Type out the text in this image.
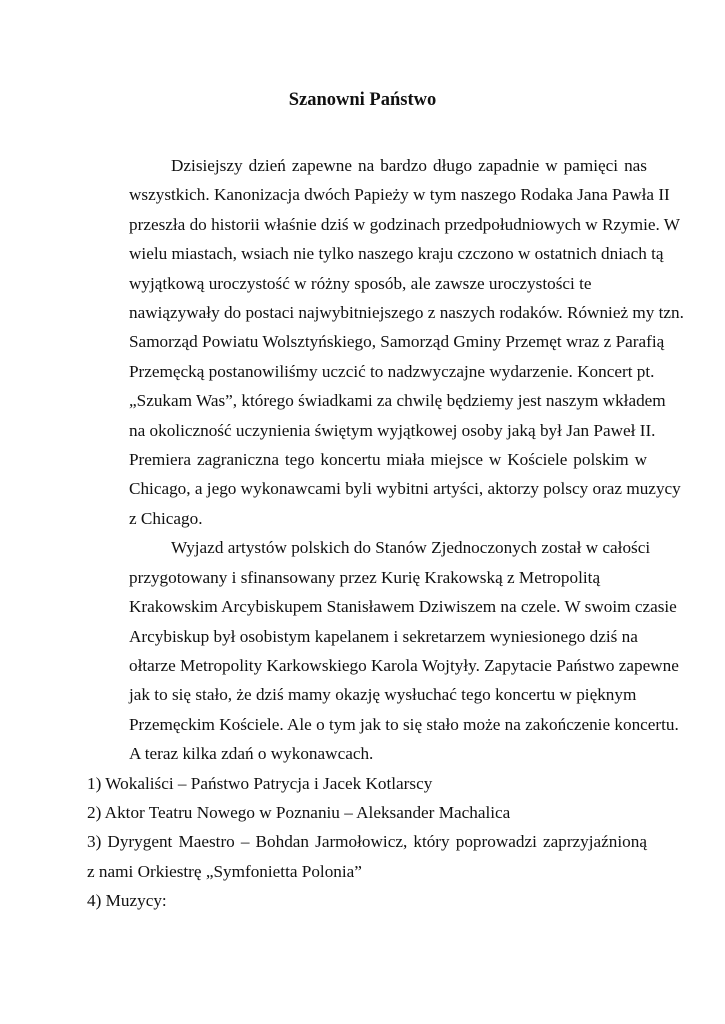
Szanowni Państwo
Dzisiejszy dzień zapewne na bardzo długo zapadnie w pamięci nas
wszystkich. Kanonizacja dwóch Papieży w tym naszego Rodaka Jana Pawła II
przeszła do historii właśnie dziś w godzinach przedpołudniowych w Rzymie. W
wielu miastach, wsiach nie tylko naszego kraju czczono w ostatnich dniach tą
wyjątkową uroczystość w różny sposób, ale zawsze uroczystości te
nawiązywały do postaci najwybitniejszego z naszych rodaków. Również my tzn.
Samorząd Powiatu Wolsztyńskiego, Samorząd Gminy Przemęt wraz z Parafią
Przemęcką postanowiliśmy uczcić to nadzwyczajne wydarzenie. Koncert pt.
„Szukam Was”, którego świadkami za chwilę będziemy jest naszym wkładem
na okoliczność uczynienia świętym wyjątkowej osoby jaką był Jan Paweł II.
Premiera zagraniczna tego koncertu miała miejsce w Kościele polskim w
Chicago, a jego wykonawcami byli wybitni artyści, aktorzy polscy oraz muzycy
z Chicago.
Wyjazd artystów polskich do Stanów Zjednoczonych został w całości
przygotowany i sfinansowany przez Kurię Krakowską z Metropolitą
Krakowskim Arcybiskupem Stanisławem Dziwiszem na czele. W swoim czasie
Arcybiskup był osobistym kapelanem i sekretarzem wyniesionego dziś na
ołtarze Metropolity Karkowskiego Karola Wojtyły. Zapytacie Państwo zapewne
jak to się stało, że dziś mamy okazję wysłuchać tego koncertu w pięknym
Przemęckim Kościele. Ale o tym jak to się stało może na zakończenie koncertu.
A teraz kilka zdań o wykonawcach.
1) Wokaliści – Państwo Patrycja i Jacek Kotlarscy
2) Aktor Teatru Nowego w Poznaniu – Aleksander Machalica
3) Dyrygent Maestro – Bohdan Jarmołowicz, który poprowadzi zaprzyjaźnioną
z nami Orkiestrę „Symfonietta Polonia”
4) Muzycy:
